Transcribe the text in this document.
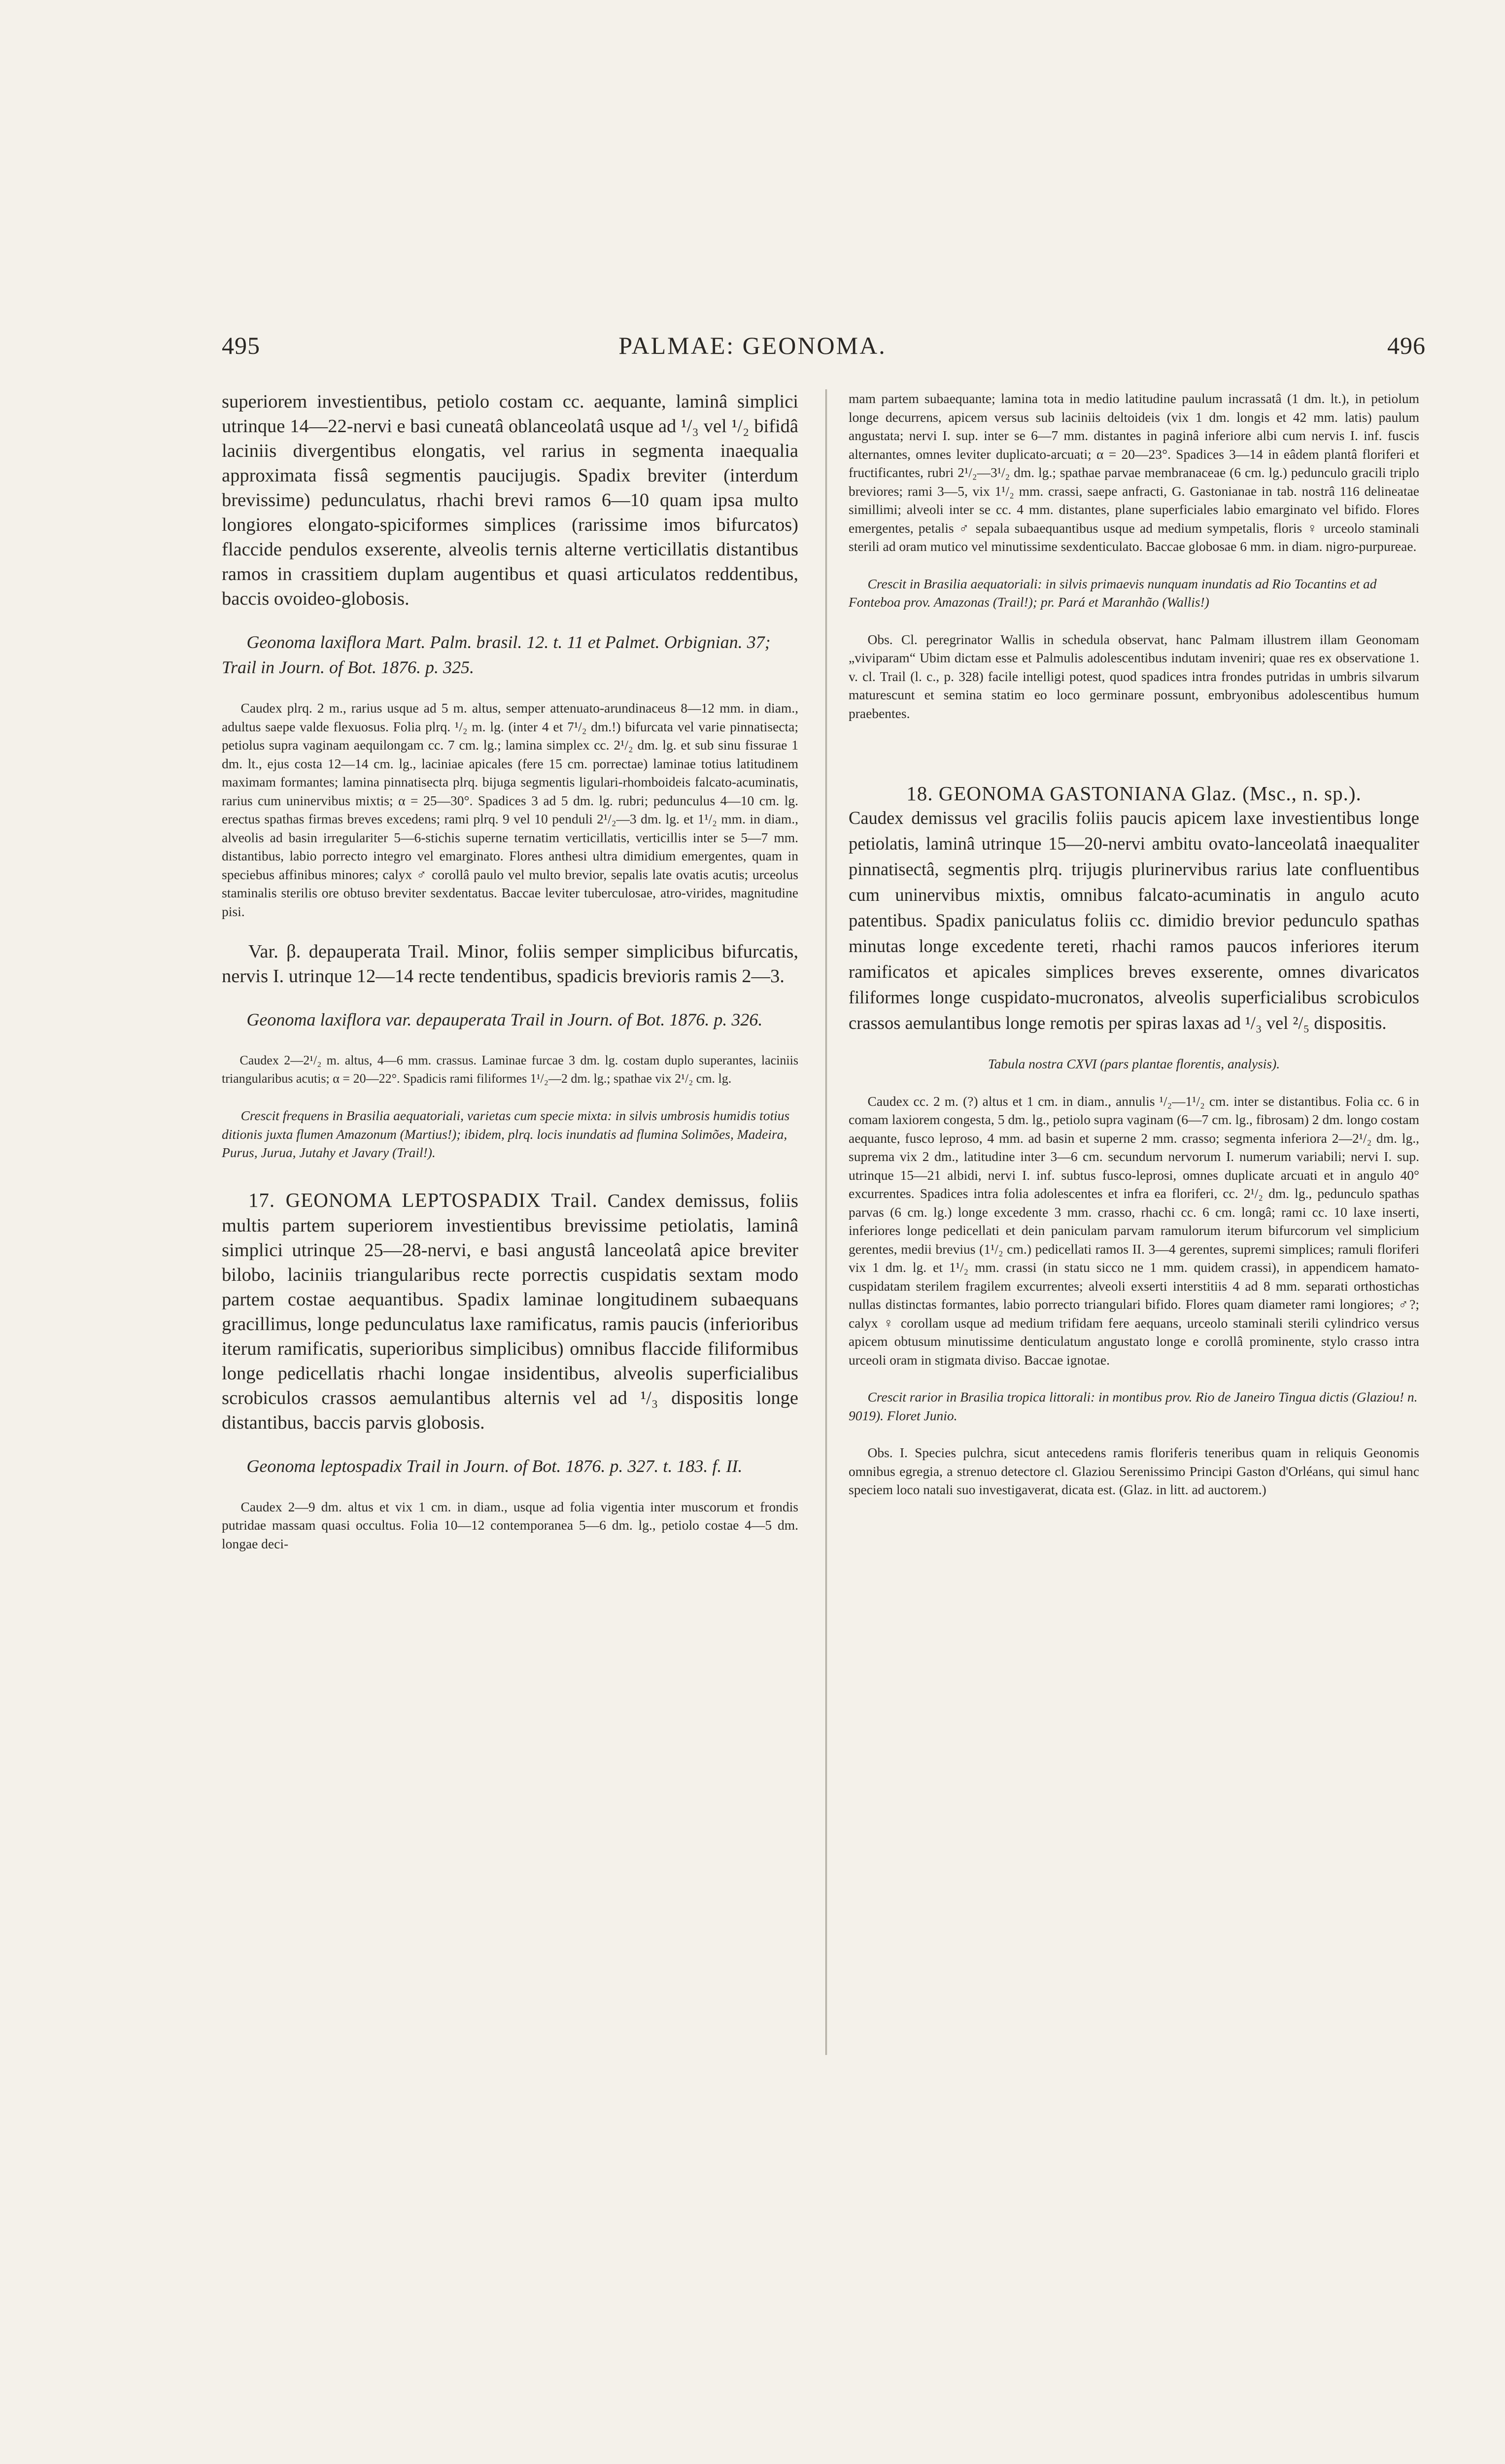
495	PALMAE: GEONOMA.	496

superiorem investientibus, petiolo costam cc. aequante, laminâ simplici utrinque 14—22-nervi e basi cuneatâ oblanceolatâ usque ad ¹/₃ vel ¹/₂ bifidâ laciniis divergentibus elongatis, vel rarius in segmenta inaequalia approximata fissâ segmentis paucijugis. Spadix breviter (interdum brevissime) pedunculatus, rhachi brevi ramos 6—10 quam ipsa multo longiores elongato-spiciformes simplices (rarissime imos bifurcatos) flaccide pendulos exserente, alveolis ternis alterne verticillatis distantibus ramos in crassitiem duplam augentibus et quasi articulatos reddentibus, baccis ovoideo-globosis.

Geonoma laxiflora Mart. Palm. brasil. 12. t. 11 et Palmet. Orbignian. 37; Trail in Journ. of Bot. 1876. p. 325.

Caudex plrq. 2 m., rarius usque ad 5 m. altus, semper attenuato-arundinaceus 8—12 mm. in diam., adultus saepe valde flexuosus. Folia plrq. ¹/₂ m. lg. (inter 4 et 7¹/₂ dm.!) bifurcata vel varie pinnatisecta; petiolus supra vaginam aequilongam cc. 7 cm. lg.; lamina simplex cc. 2¹/₂ dm. lg. et sub sinu fissurae 1 dm. lt., ejus costa 12—14 cm. lg., laciniae apicales (fere 15 cm. porrectae) laminae totius latitudinem maximam formantes; lamina pinnatisecta plrq. bijuga segmentis ligulari-rhomboideis falcato-acuminatis, rarius cum uninervibus mixtis; α = 25—30°. Spadices 3 ad 5 dm. lg. rubri; pedunculus 4—10 cm. lg. erectus spathas firmas breves excedens; rami plrq. 9 vel 10 penduli 2¹/₂—3 dm. lg. et 1¹/₂ mm. in diam., alveolis ad basin irregulariter 5—6-stichis superne ternatim verticillatis, verticillis inter se 5—7 mm. distantibus, labio porrecto integro vel emarginato. Flores anthesi ultra dimidium emergentes, quam in speciebus affinibus minores; calyx ♂ corollâ paulo vel multo brevior, sepalis late ovatis acutis; urceolus staminalis sterilis ore obtuso breviter sexdentatus. Baccae leviter tuberculosae, atro-virides, magnitudine pisi.

Var. β. depauperata Trail. Minor, foliis semper simplicibus bifurcatis, nervis I. utrinque 12—14 recte tendentibus, spadicis brevioris ramis 2—3.

Geonoma laxiflora var. depauperata Trail in Journ. of Bot. 1876. p. 326.

Caudex 2—2¹/₂ m. altus, 4—6 mm. crassus. Laminae furcae 3 dm. lg. costam duplo superantes, laciniis triangularibus acutis; α = 20—22°. Spadicis rami filiformes 1¹/₂—2 dm. lg.; spathae vix 2¹/₂ cm. lg.

Crescit frequens in Brasilia aequatoriali, varietas cum specie mixta: in silvis umbrosis humidis totius ditionis juxta flumen Amazonum (Martius!); ibidem, plrq. locis inundatis ad flumina Solimões, Madeira, Purus, Jurua, Jutahy et Javary (Trail!).

17. GEONOMA LEPTOSPADIX Trail. Candex demissus, foliis multis partem superiorem investientibus brevissime petiolatis, laminâ simplici utrinque 25—28-nervi, e basi angustâ lanceolatâ apice breviter bilobo, laciniis triangularibus recte porrectis cuspidatis sextam modo partem costae aequantibus. Spadix laminae longitudinem subaequans gracillimus, longe pedunculatus laxe ramificatus, ramis paucis (inferioribus iterum ramificatis, superioribus simplicibus) omnibus flaccide filiformibus longe pedicellatis rhachi longae insidentibus, alveolis superficialibus scrobiculos crassos aemulantibus alternis vel ad ¹/₃ dispositis longe distantibus, baccis parvis globosis.

Geonoma leptospadix Trail in Journ. of Bot. 1876. p. 327. t. 183. f. II.

Caudex 2—9 dm. altus et vix 1 cm. in diam., usque ad folia vigentia inter muscorum et frondis putridae massam quasi occultus. Folia 10—12 contemporanea 5—6 dm. lg., petiolo costae 4—5 dm. longae deci-

mam partem subaequante; lamina tota in medio latitudine paulum incrassatâ (1 dm. lt.), in petiolum longe decurrens, apicem versus sub laciniis deltoideis (vix 1 dm. longis et 42 mm. latis) paulum angustata; nervi I. sup. inter se 6—7 mm. distantes in paginâ inferiore albi cum nervis I. inf. fuscis alternantes, omnes leviter duplicato-arcuati; α = 20—23°. Spadices 3—14 in eâdem plantâ floriferi et fructificantes, rubri 2¹/₂—3¹/₂ dm. lg.; spathae parvae membranaceae (6 cm. lg.) pedunculo gracili triplo breviores; rami 3—5, vix 1¹/₂ mm. crassi, saepe anfracti, G. Gastonianae in tab. nostrâ 116 delineatae simillimi; alveoli inter se cc. 4 mm. distantes, plane superficiales labio emarginato vel bifido. Flores emergentes, petalis ♂ sepala subaequantibus usque ad medium sympetalis, floris ♀ urceolo staminali sterili ad oram mutico vel minutissime sexdenticulato. Baccae globosae 6 mm. in diam. nigro-purpureae.

Crescit in Brasilia aequatoriali: in silvis primaevis nunquam inundatis ad Rio Tocantins et ad Fonteboa prov. Amazonas (Trail!); pr. Pará et Maranhão (Wallis!)

Obs. Cl. peregrinator Wallis in schedula observat, hanc Palmam illustrem illam Geonomam „viviparam“ Ubim dictam esse et Palmulis adolescentibus indutam inveniri; quae res ex observatione 1. v. cl. Trail (l. c., p. 328) facile intelligi potest, quod spadices intra frondes putridas in umbris silvarum maturescunt et semina statim eo loco germinare possunt, embryonibus adolescentibus humum praebentes.

18. GEONOMA GASTONIANA Glaz. (Msc., n. sp.).

Caudex demissus vel gracilis foliis paucis apicem laxe investientibus longe petiolatis, laminâ utrinque 15—20-nervi ambitu ovato-lanceolatâ inaequaliter pinnatisectâ, segmentis plrq. trijugis plurinervibus rarius late confluentibus cum uninervibus mixtis, omnibus falcato-acuminatis in angulo acuto patentibus. Spadix paniculatus foliis cc. dimidio brevior pedunculo spathas minutas longe excedente tereti, rhachi ramos paucos inferiores iterum ramificatos et apicales simplices breves exserente, omnes divaricatos filiformes longe cuspidato-mucronatos, alveolis superficialibus scrobiculos crassos aemulantibus longe remotis per spiras laxas ad ¹/₃ vel ²/₅ dispositis.

Tabula nostra CXVI (pars plantae florentis, analysis).

Caudex cc. 2 m. (?) altus et 1 cm. in diam., annulis ¹/₂—1¹/₂ cm. inter se distantibus. Folia cc. 6 in comam laxiorem congesta, 5 dm. lg., petiolo supra vaginam (6—7 cm. lg., fibrosam) 2 dm. longo costam aequante, fusco leproso, 4 mm. ad basin et superne 2 mm. crasso; segmenta inferiora 2—2¹/₂ dm. lg., suprema vix 2 dm., latitudine inter 3—6 cm. secundum nervorum I. numerum variabili; nervi I. sup. utrinque 15—21 albidi, nervi I. inf. subtus fusco-leprosi, omnes duplicate arcuati et in angulo 40° excurrentes. Spadices intra folia adolescentes et infra ea floriferi, cc. 2¹/₂ dm. lg., pedunculo spathas parvas (6 cm. lg.) longe excedente 3 mm. crasso, rhachi cc. 6 cm. longâ; rami cc. 10 laxe inserti, inferiores longe pedicellati et dein paniculam parvam ramulorum iterum bifurcorum vel simplicium gerentes, medii brevius (1¹/₂ cm.) pedicellati ramos II. 3—4 gerentes, supremi simplices; ramuli floriferi vix 1 dm. lg. et 1¹/₂ mm. crassi (in statu sicco ne 1 mm. quidem crassi), in appendicem hamato-cuspidatam sterilem fragilem excurrentes; alveoli exserti interstitiis 4 ad 8 mm. separati orthostichas nullas distinctas formantes, labio porrecto triangulari bifido. Flores quam diameter rami longiores; ♂?; calyx ♀ corollam usque ad medium trifidam fere aequans, urceolo staminali sterili cylindrico versus apicem obtusum minutissime denticulatum angustato longe e corollâ prominente, stylo crasso intra urceoli oram in stigmata diviso. Baccae ignotae.

Crescit rarior in Brasilia tropica littorali: in montibus prov. Rio de Janeiro Tingua dictis (Glaziou! n. 9019). Floret Junio.

Obs. I. Species pulchra, sicut antecedens ramis floriferis teneribus quam in reliquis Geonomis omnibus egregia, a strenuo detectore cl. Glaziou Serenissimo Principi Gaston d'Orléans, qui simul hanc speciem loco natali suo investigaverat, dicata est. (Glaz. in litt. ad auctorem.)
